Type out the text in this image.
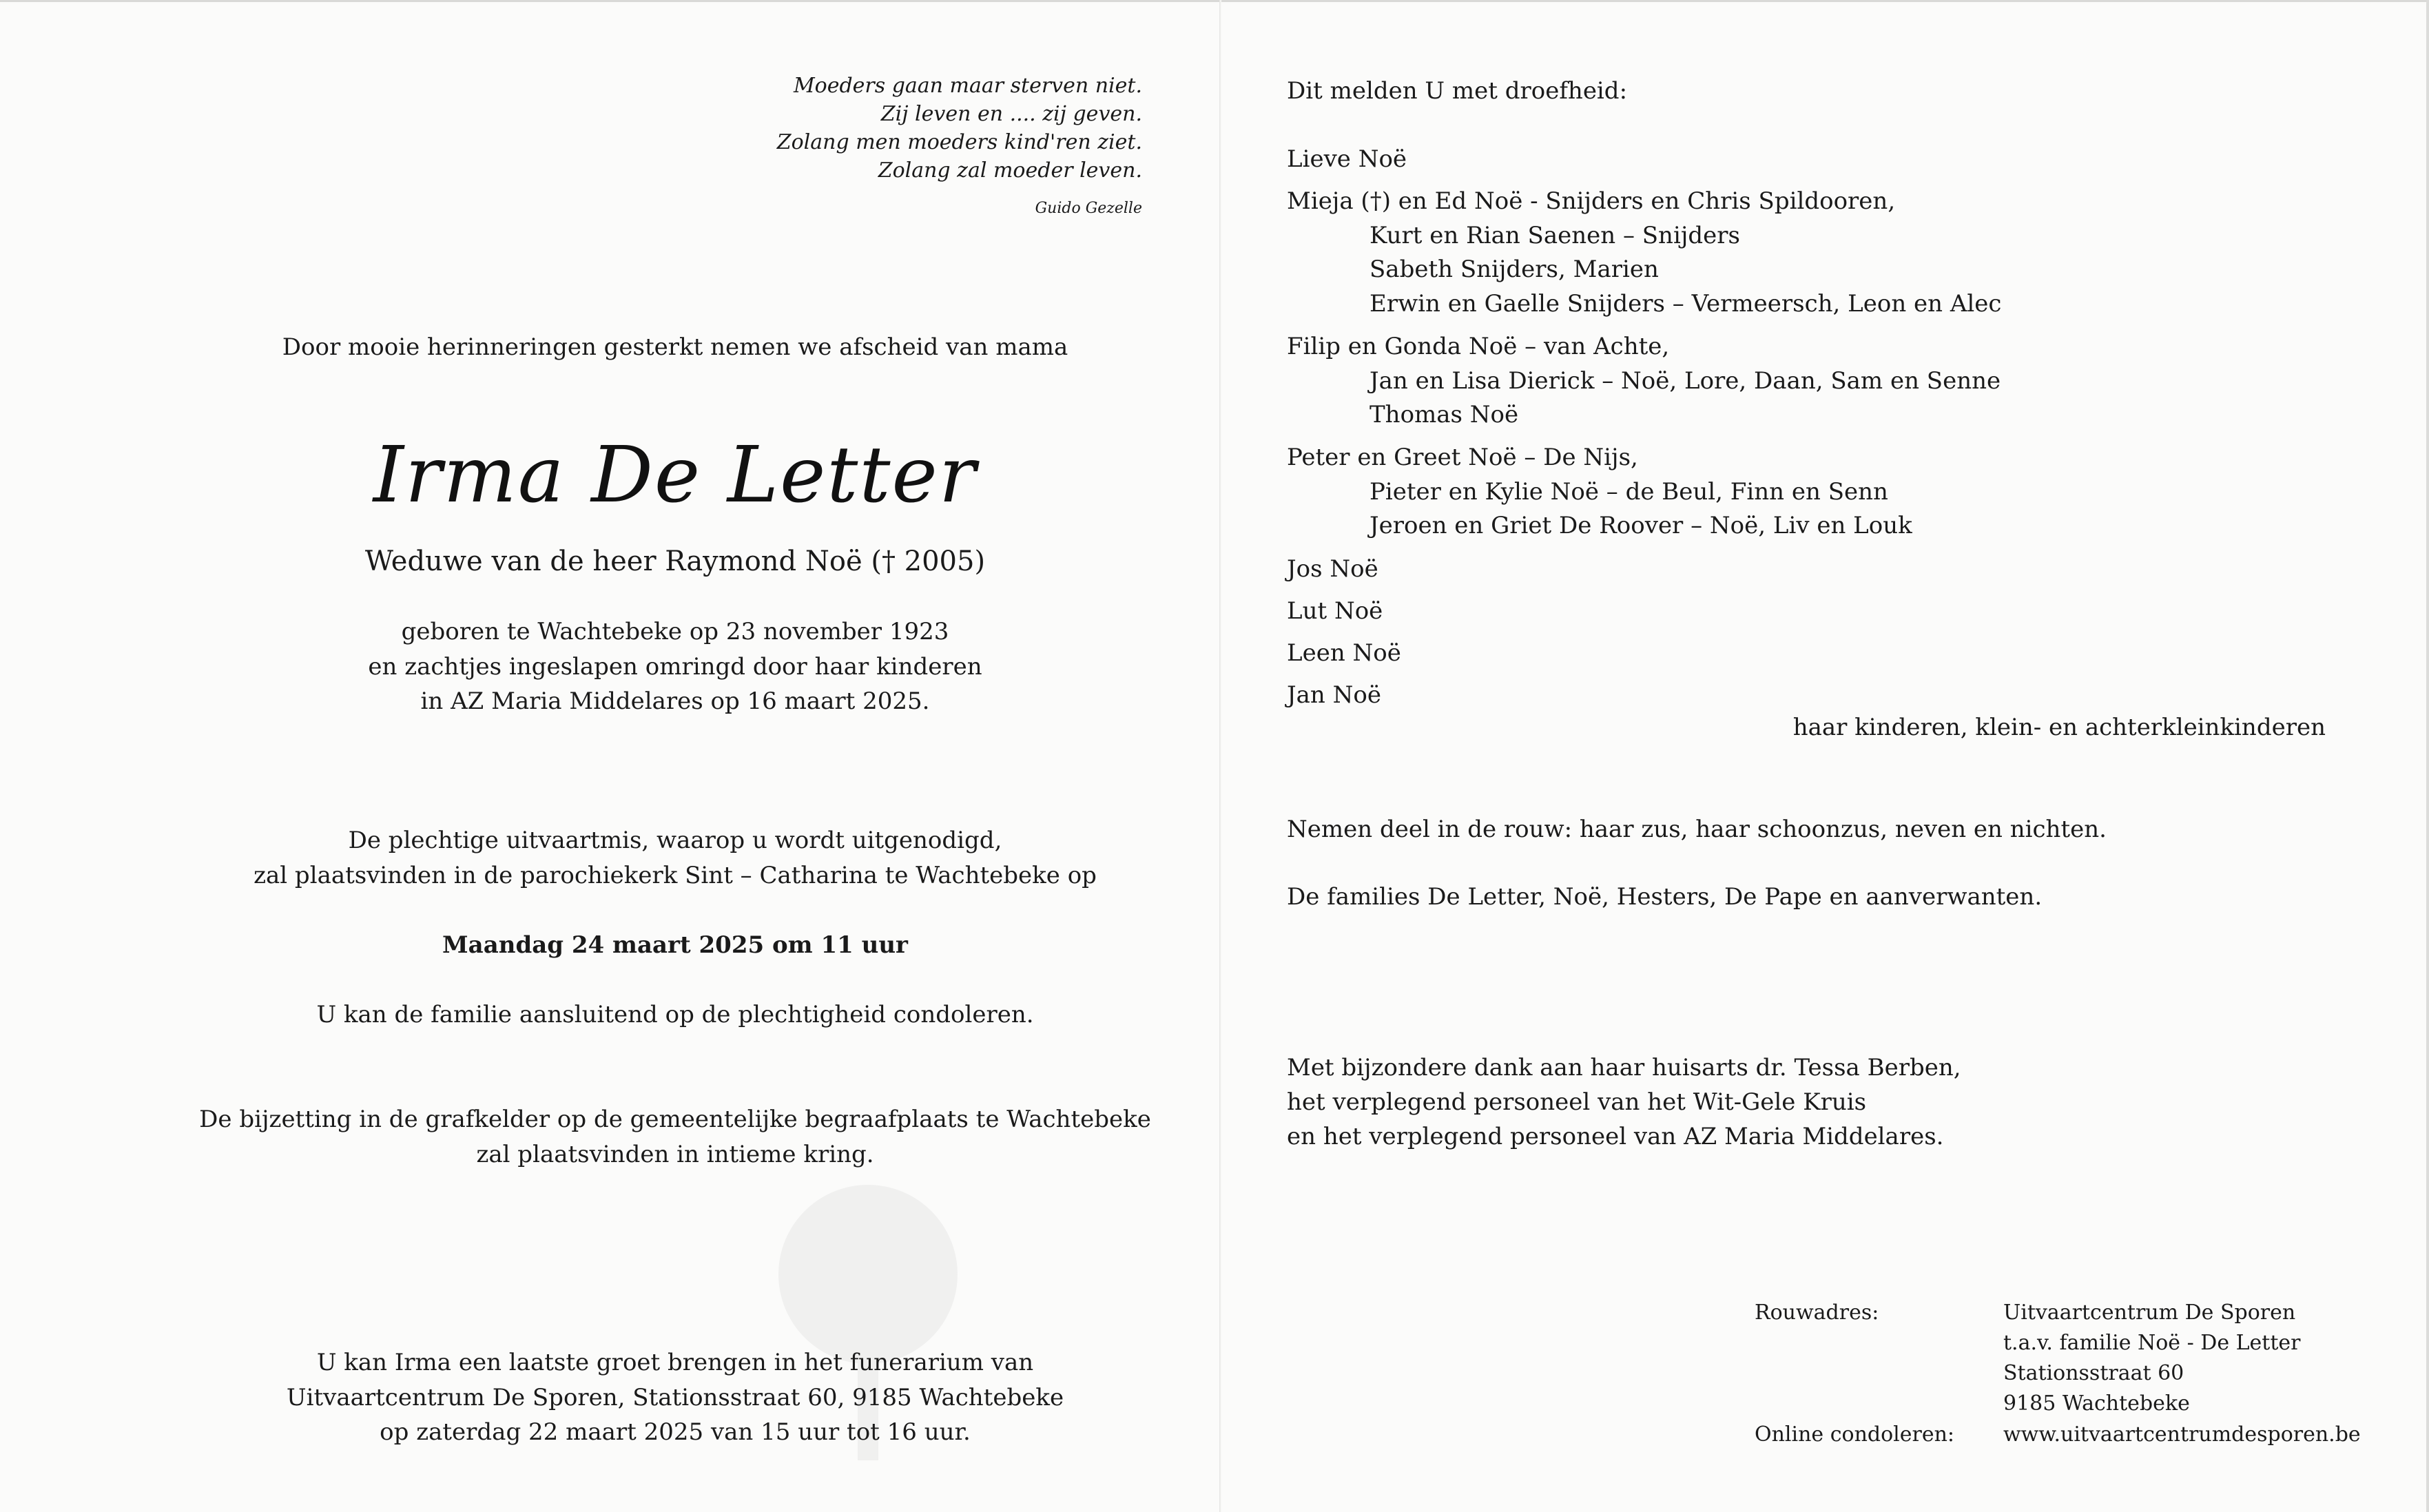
Moeders gaan maar sterven niet.
Zij leven en .... zij geven.
Zolang men moeders kind'ren ziet.
Zolang zal moeder leven.
Guido Gezelle
Door mooie herinneringen gesterkt nemen we afscheid van mama
Irma De Letter
Weduwe van de heer Raymond Noë († 2005)
geboren te Wachtebeke op 23 november 1923
en zachtjes ingeslapen omringd door haar kinderen
in AZ Maria Middelares op 16 maart 2025.
De plechtige uitvaartmis, waarop u wordt uitgenodigd,
zal plaatsvinden in de parochiekerk Sint – Catharina te Wachtebeke op
Maandag 24 maart 2025 om 11 uur
U kan de familie aansluitend op de plechtigheid condoleren.
De bijzetting in de grafkelder op de gemeentelijke begraafplaats te Wachtebeke
zal plaatsvinden in intieme kring.
U kan Irma een laatste groet brengen in het funerarium van
Uitvaartcentrum De Sporen, Stationsstraat 60, 9185 Wachtebeke
op zaterdag 22 maart 2025 van 15 uur tot 16 uur.
Dit melden U met droefheid:
Lieve Noë
Mieja (†) en Ed Noë - Snijders en Chris Spildooren,
Kurt en Rian Saenen – Snijders
Sabeth Snijders, Marien
Erwin en Gaelle Snijders – Vermeersch, Leon en Alec
Filip en Gonda Noë – van Achte,
Jan en Lisa Dierick – Noë, Lore, Daan, Sam en Senne
Thomas Noë
Peter en Greet Noë – De Nijs,
Pieter en Kylie Noë – de Beul, Finn en Senn
Jeroen en Griet De Roover – Noë, Liv en Louk
Jos Noë
Lut Noë
Leen Noë
Jan Noë
haar kinderen, klein- en achterkleinkinderen
Nemen deel in de rouw: haar zus, haar schoonzus, neven en nichten.
De families De Letter, Noë, Hesters, De Pape en aanverwanten.
Met bijzondere dank aan haar huisarts dr. Tessa Berben,
het verplegend personeel van het Wit-Gele Kruis
en het verplegend personeel van AZ Maria Middelares.
Rouwadres:	Uitvaartcentrum De Sporen
t.a.v. familie Noë - De Letter
Stationsstraat 60
9185 Wachtebeke
Online condoleren: www.uitvaartcentrumdesporen.be
